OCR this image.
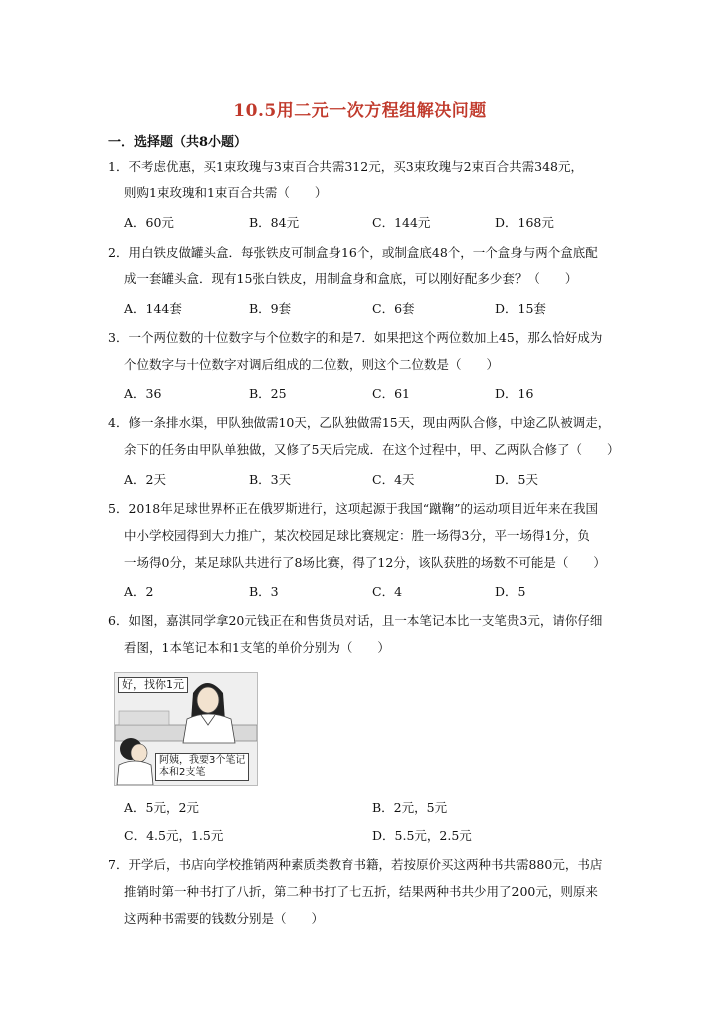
10.5用二元一次方程组解决问题
一．选择题（共8小题）
1．不考虑优惠，买1束玫瑰与3束百合共需312元，买3束玫瑰与2束百合共需348元，
则购1束玫瑰和1束百合共需（　　）
A．60元	B．84元	C．144元	D．168元
2．用白铁皮做罐头盒．每张铁皮可制盒身16个，或制盒底48个，一个盒身与两个盒底配
成一套罐头盒．现有15张白铁皮，用制盒身和盒底，可以刚好配多少套？（　　）
A．144套	B．9套	C．6套	D．15套
3．一个两位数的十位数字与个位数字的和是7．如果把这个两位数加上45，那么恰好成为
个位数字与十位数字对调后组成的二位数，则这个二位数是（　　）
A．36	B．25	C．61	D．16
4．修一条排水渠，甲队独做需10天，乙队独做需15天，现由两队合修，中途乙队被调走，
余下的任务由甲队单独做，又修了5天后完成．在这个过程中，甲、乙两队合修了（　　）
A．2天	B．3天	C．4天	D．5天
5．2018年足球世界杯正在俄罗斯进行，这项起源于我国“蹴鞠”的运动项目近年来在我国
中小学校园得到大力推广，某次校园足球比赛规定：胜一场得3分，平一场得1分，负
一场得0分，某足球队共进行了8场比赛，得了12分，该队获胜的场数不可能是（　　）
A．2	B．3	C．4	D．5
6．如图，嘉淇同学拿20元钱正在和售货员对话，且一本笔记本比一支笔贵3元，请你仔细
看图，1本笔记本和1支笔的单价分别为（　　）
好，找你1元
阿姨，我要3个笔记
本和2支笔
A．5元，2元	B．2元，5元
C．4.5元，1.5元	D．5.5元，2.5元
7．开学后，书店向学校推销两种素质类教育书籍，若按原价买这两种书共需880元，书店
推销时第一种书打了八折，第二种书打了七五折，结果两种书共少用了200元，则原来
这两种书需要的钱数分别是（　　）
